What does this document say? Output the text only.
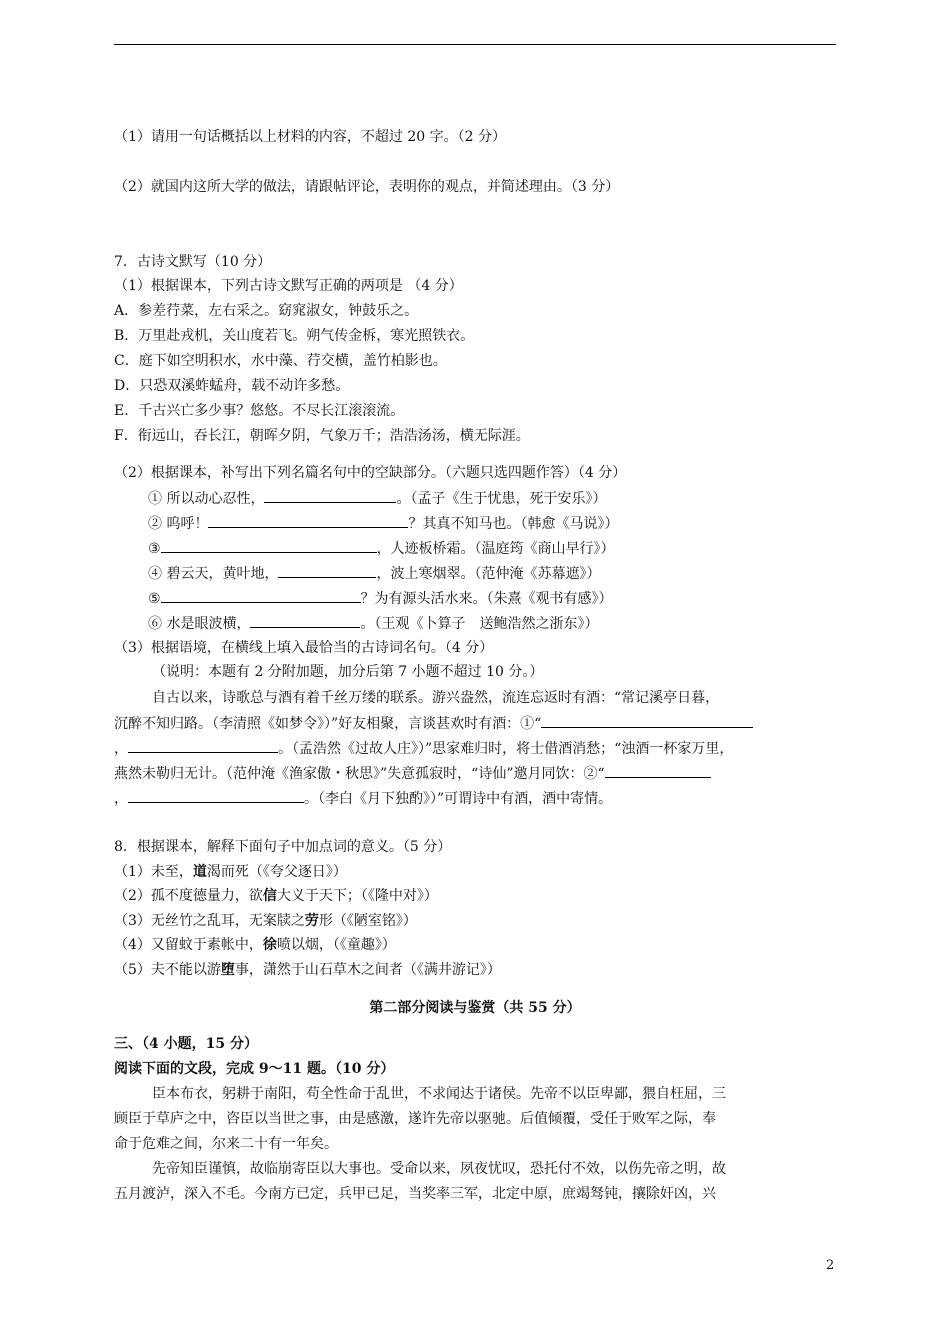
（1）请用一句话概括以上材料的内容，不超过 20 字。（2 分）
（2）就国内这所大学的做法，请跟帖评论，表明你的观点，并简述理由。（3 分）
7．古诗文默写（10 分）
（1）根据课本，下列古诗文默写正确的两项是 （4 分）
A．参差荇菜，左右采之。窈窕淑女，钟鼓乐之。
B．万里赴戎机，关山度若飞。朔气传金柝，寒光照铁衣。
C．庭下如空明积水，水中藻、荇交横，盖竹柏影也。
D．只恐双溪蚱蜢舟，载不动许多愁。
E．千古兴亡多少事？悠悠。不尽长江滚滚流。
F．衔远山，吞长江，朝晖夕阴，气象万千；浩浩汤汤，横无际涯。
（2）根据课本，补写出下列名篇名句中的空缺部分。（六题只选四题作答）（4 分）
① 所以动心忍性，	。（孟子《生于忧患，死于安乐》）
② 呜呼！	？其真不知马也。（韩愈《马说》）
③	，人迹板桥霜。（温庭筠《商山早行》）
④ 碧云天，黄叶地，	，波上寒烟翠。（范仲淹《苏幕遮》）
⑤	？为有源头活水来。（朱熹《观书有感》）
⑥ 水是眼波横，	。（王观《卜算子　送鲍浩然之浙东》）
（3）根据语境，在横线上填入最恰当的古诗词名句。（4 分）
（说明：本题有 2 分附加题，加分后第 7 小题不超过 10 分。）
自古以来，诗歌总与酒有着千丝万缕的联系。游兴盎然，流连忘返时有酒：“常记溪亭日暮，
沉醉不知归路。（李清照《如梦令》）”好友相聚，言谈甚欢时有酒：①“
，	。（孟浩然《过故人庄》）”思家难归时，将士借酒消愁；“浊酒一杯家万里，
燕然未勒归无计。（范仲淹《渔家傲・秋思》”失意孤寂时，“诗仙”邀月同饮：②“
，	。（李白《月下独酌》）”可谓诗中有酒，酒中寄情。
8．根据课本，解释下面句子中加点词的意义。（5 分）
（1）未至，道渴而死（《夸父逐日》）
（2）孤不度德量力，欲信大义于天下；（《隆中对》）
（3）无丝竹之乱耳，无案牍之劳形（《陋室铭》）
（4）又留蚊于素帐中，徐喷以烟，（《童趣》）
（5）夫不能以游堕事，潇然于山石草木之间者（《满井游记》）
第二部分阅读与鉴赏（共 55 分）
三、（4 小题，15 分）
阅读下面的文段，完成 9～11 题。（10 分）
臣本布衣，躬耕于南阳，苟全性命于乱世，不求闻达于诸侯。先帝不以臣卑鄙，猥自枉屈，三
顾臣于草庐之中，咨臣以当世之事，由是感激，遂许先帝以驱驰。后值倾覆，受任于败军之际，奉
命于危难之间，尔来二十有一年矣。
先帝知臣谨慎，故临崩寄臣以大事也。受命以来，夙夜忧叹，恐托付不效，以伤先帝之明，故
五月渡泸，深入不毛。今南方已定，兵甲已足，当奖率三军，北定中原，庶竭驽钝，攘除奸凶，兴
2
